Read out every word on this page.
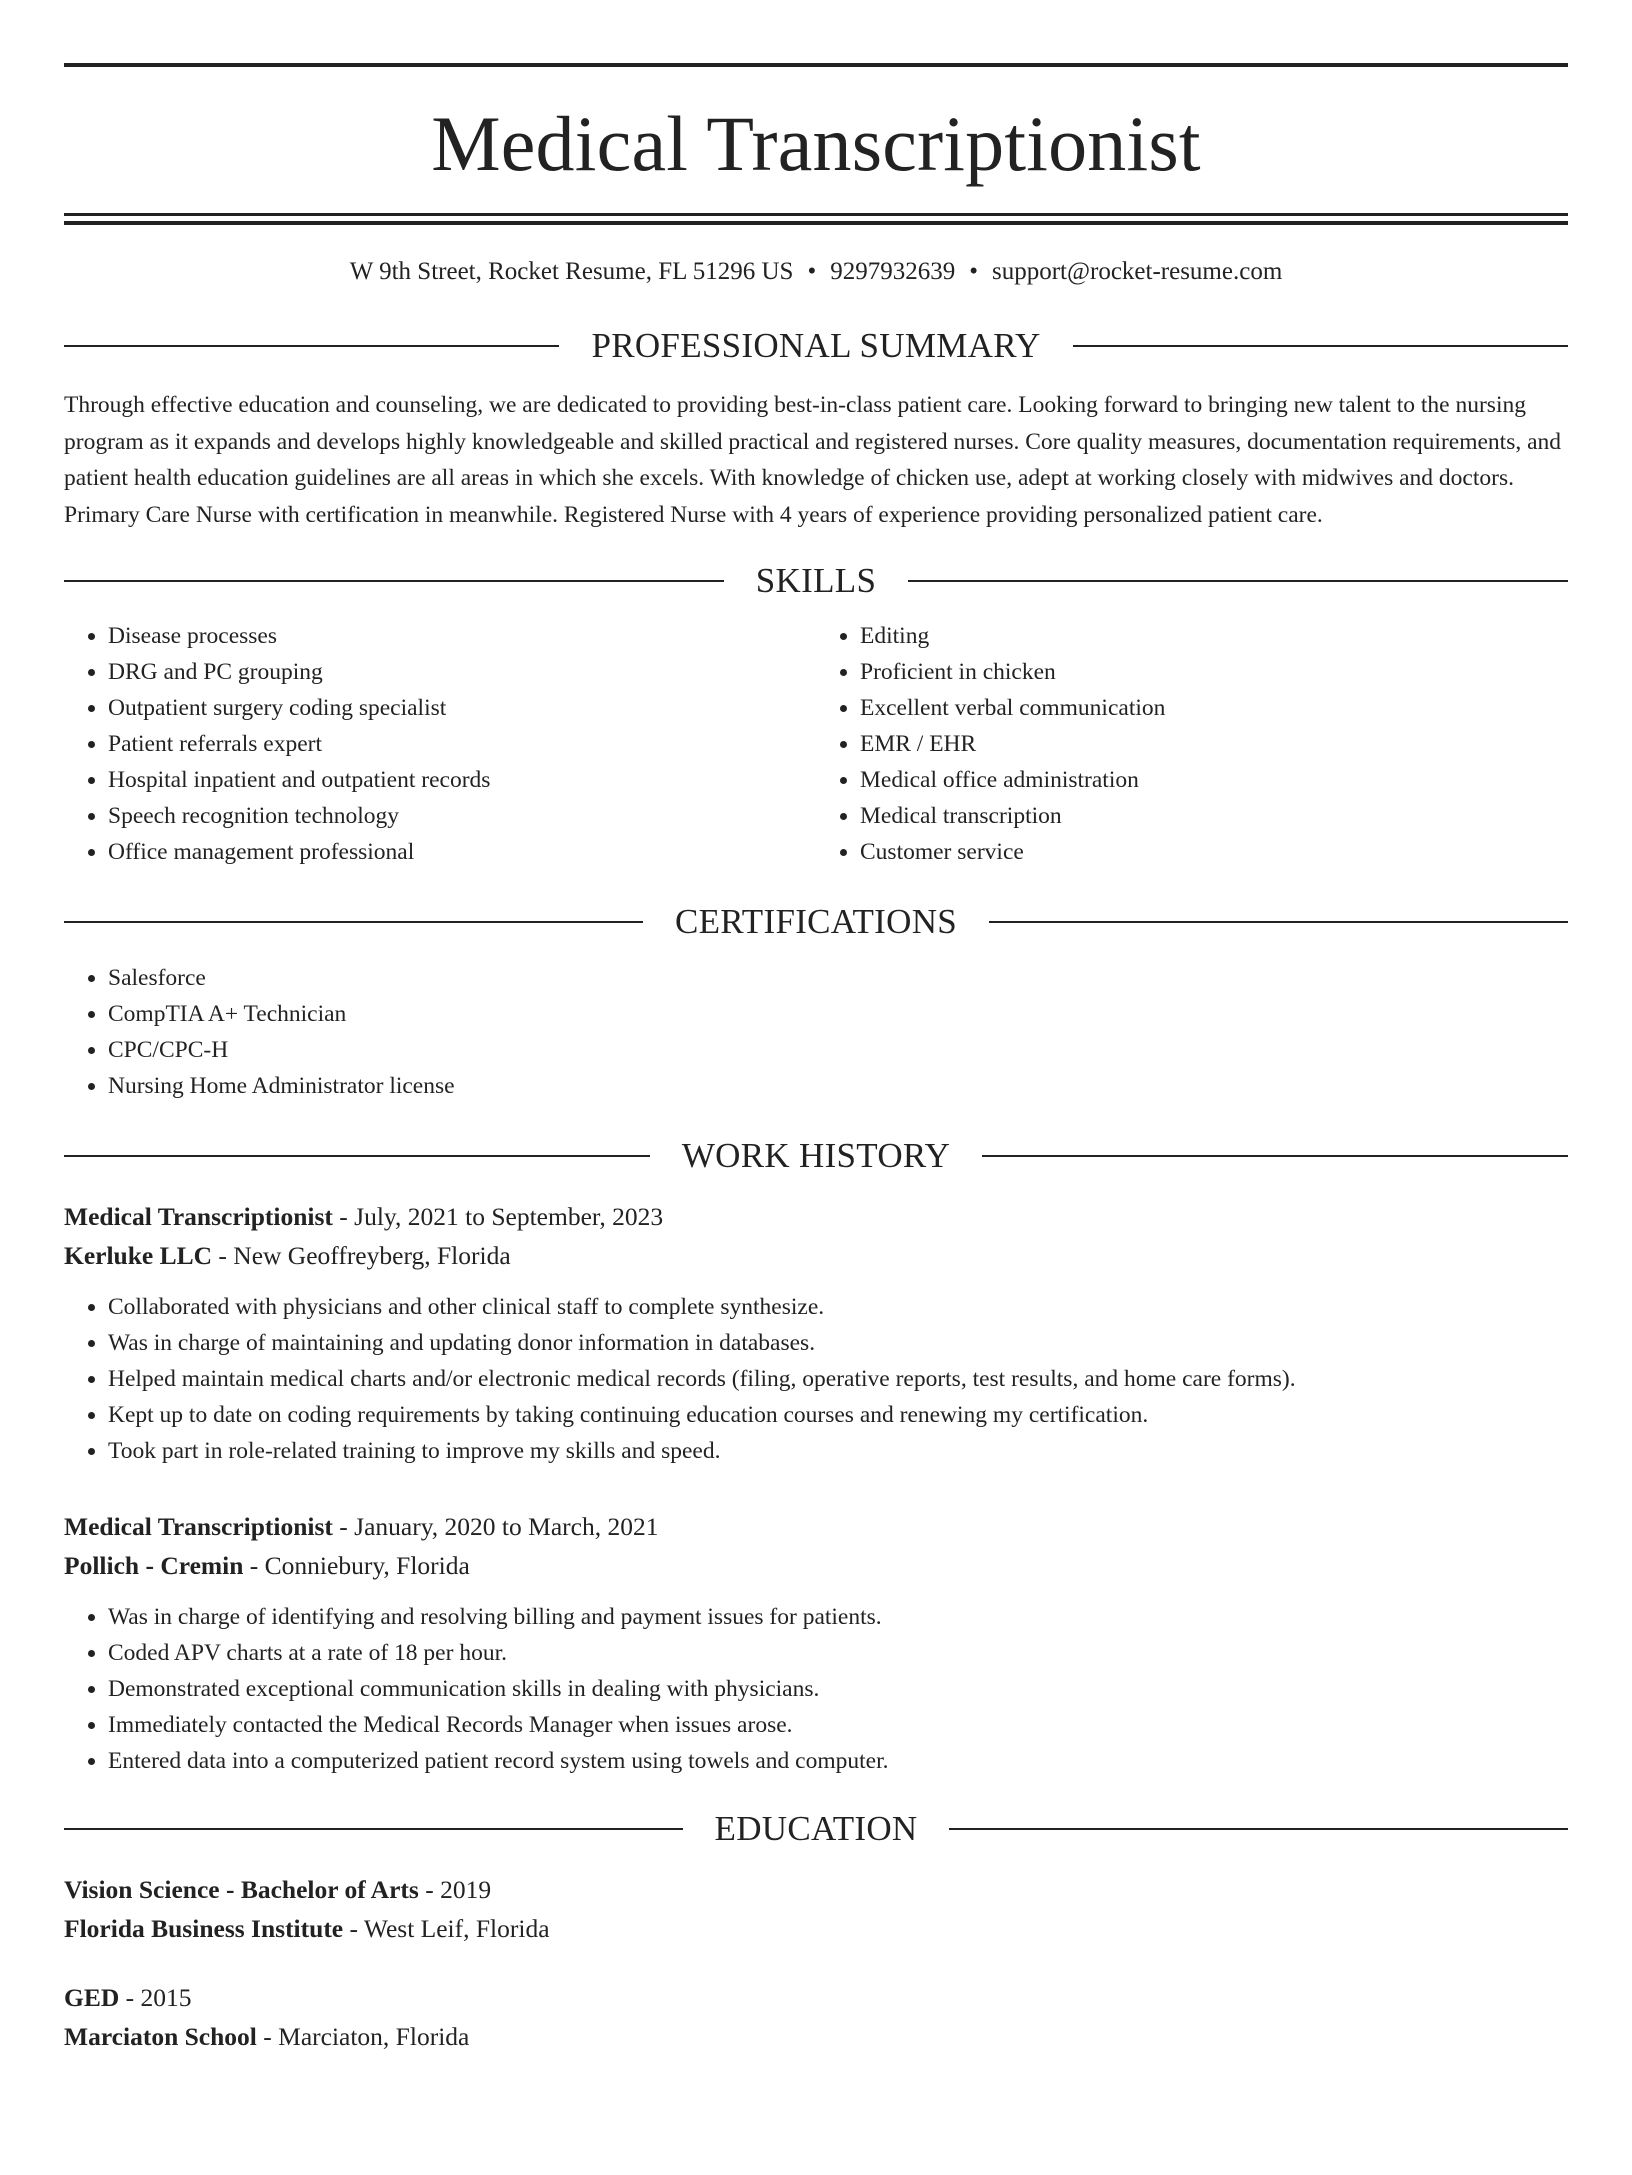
Medical Transcriptionist
W 9th Street, Rocket Resume, FL 51296 US • 9297932639 • support@rocket-resume.com
PROFESSIONAL SUMMARY

Through effective education and counseling, we are dedicated to providing best-in-class patient care. Looking forward to bringing new talent to the nursing program as it expands and develops highly knowledgeable and skilled practical and registered nurses. Core quality measures, documentation requirements, and patient health education guidelines are all areas in which she excels. With knowledge of chicken use, adept at working closely with midwives and doctors. Primary Care Nurse with certification in meanwhile. Registered Nurse with 4 years of experience providing personalized patient care.

SKILLS
• Disease processes
• DRG and PC grouping
• Outpatient surgery coding specialist
• Patient referrals expert
• Hospital inpatient and outpatient records
• Speech recognition technology
• Office management professional
• Editing
• Proficient in chicken
• Excellent verbal communication
• EMR / EHR
• Medical office administration
• Medical transcription
• Customer service
CERTIFICATIONS
• Salesforce
• CompTIA A+ Technician
• CPC/CPC-H
• Nursing Home Administrator license
WORK HISTORY
Medical Transcriptionist - July, 2021 to September, 2023
Kerluke LLC - New Geoffreyberg, Florida
• Collaborated with physicians and other clinical staff to complete synthesize.
• Was in charge of maintaining and updating donor information in databases.
• Helped maintain medical charts and/or electronic medical records (filing, operative reports, test results, and home care forms).
• Kept up to date on coding requirements by taking continuing education courses and renewing my certification.
• Took part in role-related training to improve my skills and speed.
Medical Transcriptionist - January, 2020 to March, 2021
Pollich - Cremin - Conniebury, Florida
• Was in charge of identifying and resolving billing and payment issues for patients.
• Coded APV charts at a rate of 18 per hour.
• Demonstrated exceptional communication skills in dealing with physicians.
• Immediately contacted the Medical Records Manager when issues arose.
• Entered data into a computerized patient record system using towels and computer.
EDUCATION
Vision Science - Bachelor of Arts - 2019
Florida Business Institute - West Leif, Florida
GED - 2015
Marciaton School - Marciaton, Florida
